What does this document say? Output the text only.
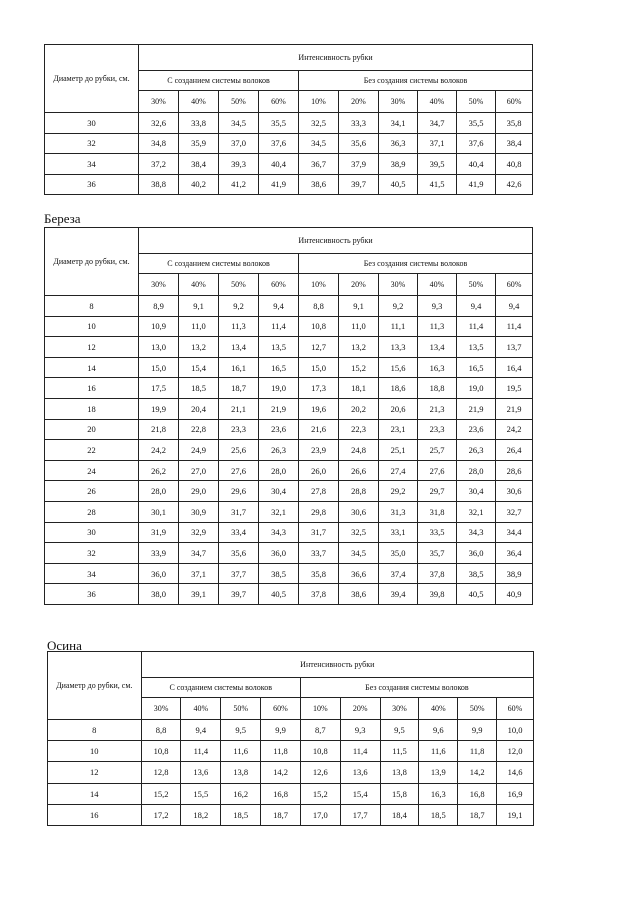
Диаметр до рубки, см.	Интенсивность рубки									
	С созданием системы волоков				Без создания системы волоков					
	30%	40%	50%	60%	10%	20%	30%	40%	50%	60%
30	32,6	33,8	34,5	35,5	32,5	33,3	34,1	34,7	35,5	35,8
32	34,8	35,9	37,0	37,6	34,5	35,6	36,3	37,1	37,6	38,4
34	37,2	38,4	39,3	40,4	36,7	37,9	38,9	39,5	40,4	40,8
36	38,8	40,2	41,2	41,9	38,6	39,7	40,5	41,5	41,9	42,6
Береза
Диаметр до рубки, см.	Интенсивность рубки									
	С созданием системы волоков				Без создания системы волоков					
	30%	40%	50%	60%	10%	20%	30%	40%	50%	60%
8	8,9	9,1	9,2	9,4	8,8	9,1	9,2	9,3	9,4	9,4
10	10,9	11,0	11,3	11,4	10,8	11,0	11,1	11,3	11,4	11,4
12	13,0	13,2	13,4	13,5	12,7	13,2	13,3	13,4	13,5	13,7
14	15,0	15,4	16,1	16,5	15,0	15,2	15,6	16,3	16,5	16,4
16	17,5	18,5	18,7	19,0	17,3	18,1	18,6	18,8	19,0	19,5
18	19,9	20,4	21,1	21,9	19,6	20,2	20,6	21,3	21,9	21,9
20	21,8	22,8	23,3	23,6	21,6	22,3	23,1	23,3	23,6	24,2
22	24,2	24,9	25,6	26,3	23,9	24,8	25,1	25,7	26,3	26,4
24	26,2	27,0	27,6	28,0	26,0	26,6	27,4	27,6	28,0	28,6
26	28,0	29,0	29,6	30,4	27,8	28,8	29,2	29,7	30,4	30,6
28	30,1	30,9	31,7	32,1	29,8	30,6	31,3	31,8	32,1	32,7
30	31,9	32,9	33,4	34,3	31,7	32,5	33,1	33,5	34,3	34,4
32	33,9	34,7	35,6	36,0	33,7	34,5	35,0	35,7	36,0	36,4
34	36,0	37,1	37,7	38,5	35,8	36,6	37,4	37,8	38,5	38,9
36	38,0	39,1	39,7	40,5	37,8	38,6	39,4	39,8	40,5	40,9
Осина
Диаметр до рубки, см.	Интенсивность рубки									
	С созданием системы волоков				Без создания системы волоков					
	30%	40%	50%	60%	10%	20%	30%	40%	50%	60%
8	8,8	9,4	9,5	9,9	8,7	9,3	9,5	9,6	9,9	10,0
10	10,8	11,4	11,6	11,8	10,8	11,4	11,5	11,6	11,8	12,0
12	12,8	13,6	13,8	14,2	12,6	13,6	13,8	13,9	14,2	14,6
14	15,2	15,5	16,2	16,8	15,2	15,4	15,8	16,3	16,8	16,9
16	17,2	18,2	18,5	18,7	17,0	17,7	18,4	18,5	18,7	19,1
